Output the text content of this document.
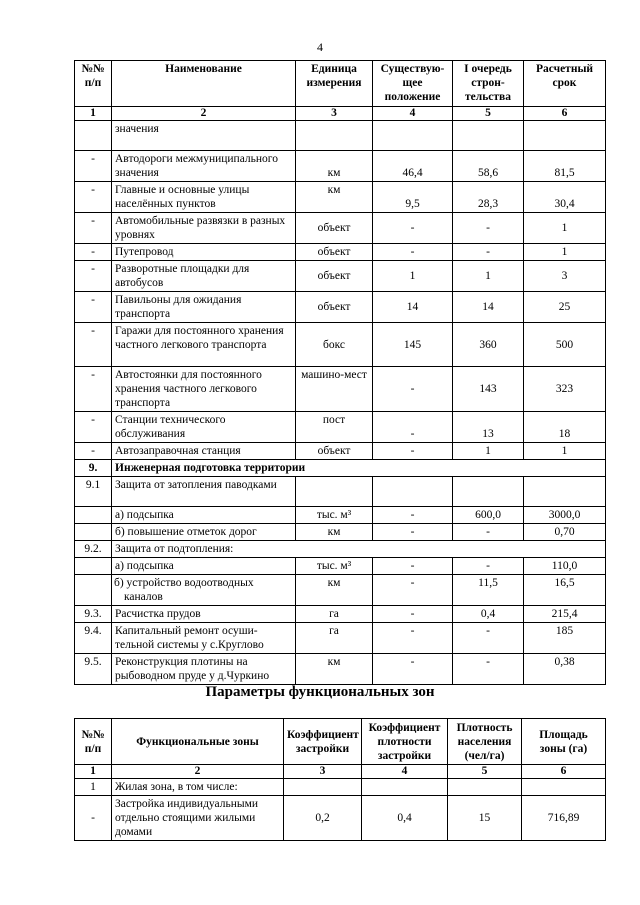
4
№№ п/п	Наименование	Единица измерения	Существую-щее положение	I очередь строн-тельства	Расчетный срок
1	2	3	4	5	6
	значения				
-	Автодороги межмуниципального значения	км	46,4	58,6	81,5
-	Главные и основные улицы населённых пунктов	км	9,5	28,3	30,4
-	Автомобильные развязки в разных уровнях	объект	-	-	1
-	Путепровод	объект	-	-	1
-	Разворотные площадки для автобусов	объект	1	1	3
-	Павильоны для ожидания транспорта	объект	14	14	25
-	Гаражи для постоянного хранения частного легкового транспорта	бокс	145	360	500
-	Автостоянки для постоянного хранения частного легкового транспорта	машино-мест	-	143	323
-	Станции технического обслуживания	пост	-	13	18
-	Автозаправочная станция	объект	-	1	1
9.	Инженерная подготовка территории				
9.1	Защита от затопления паводками				
	а) подсыпка	тыс. м³	-	600,0	3000,0
	б) повышение отметок дорог	км	-	-	0,70
9.2.	Защита от подтопления:				
	а) подсыпка	тыс. м³	-	-	110,0
	б) устройство водоотводных каналов	км	-	11,5	16,5
9.3.	Расчистка прудов	га	-	0,4	215,4
9.4.	Капитальный ремонт осуши-тельной системы у с.Круглово	га	-	-	185
9.5.	Реконструкция плотины на рыбоводном пруде у д.Чуркино	км	-	-	0,38
Параметры функциональных зон
№№ п/п	Функциональные зоны	Коэффициент застройки	Коэффициент плотности застройки	Плотность населения (чел/га)	Площадь зоны (га)
1	2	3	4	5	6
1	Жилая зона, в том числе:				
-	Застройка индивидуальными отдельно стоящими жилыми домами	0,2	0,4	15	716,89
